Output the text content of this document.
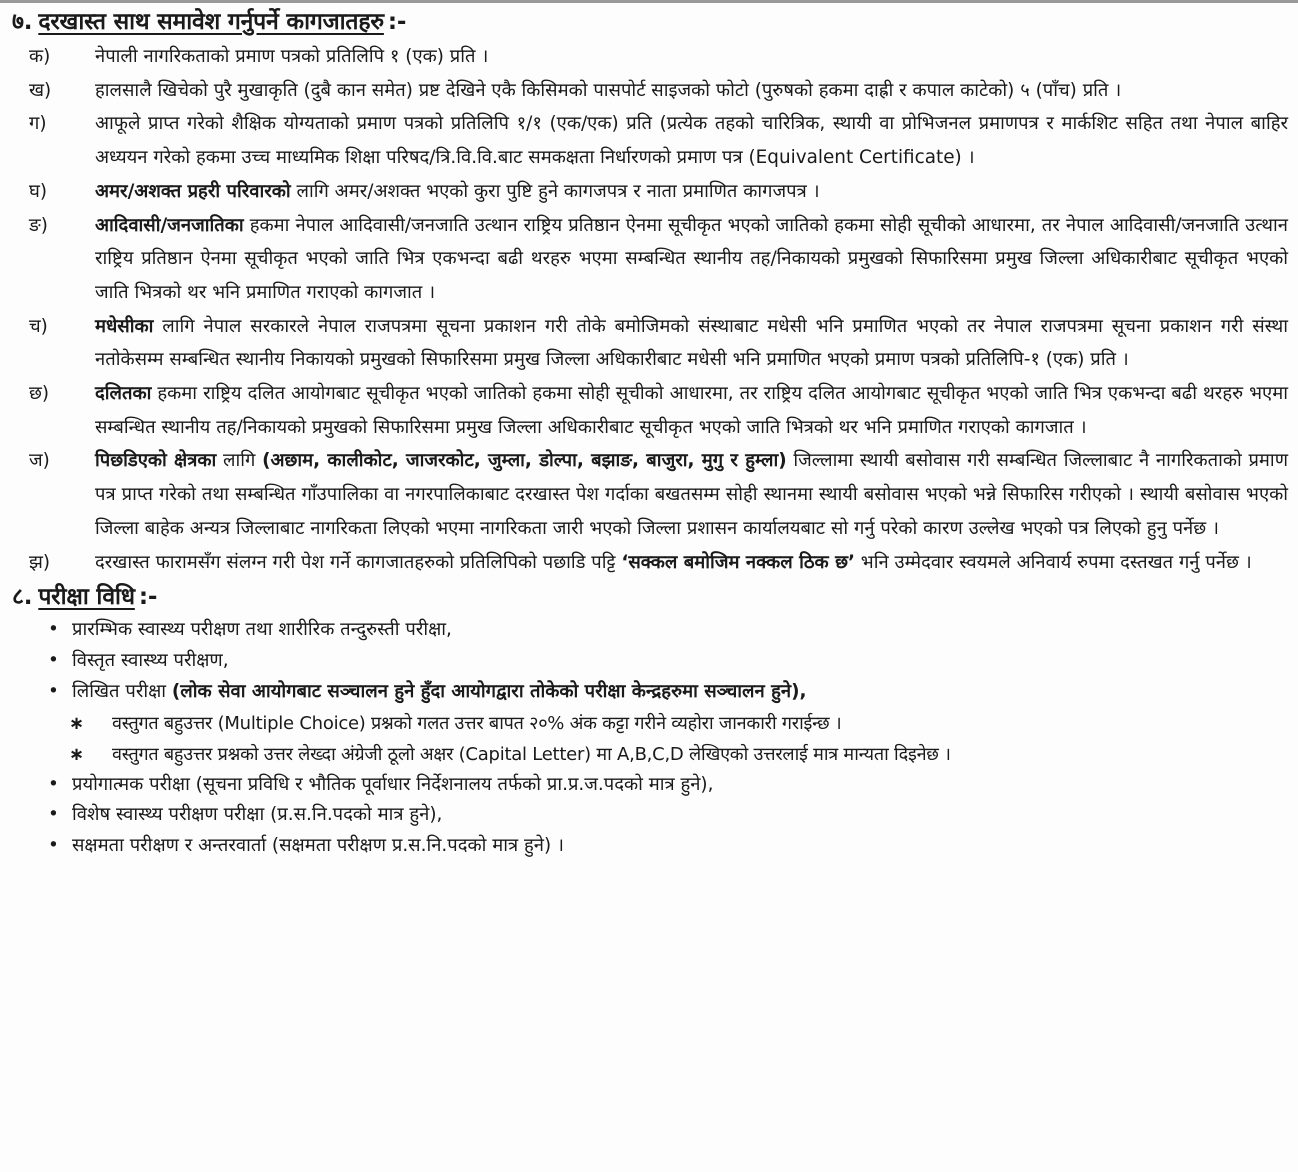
७. दरखास्त साथ समावेश गर्नुपर्ने कागजातहरु :-
क)	नेपाली नागरिकताको प्रमाण पत्रको प्रतिलिपि १ (एक) प्रति ।
ख)	हालसालै खिचेको पुरै मुखाकृति (दुबै कान समेत) प्रष्ट देखिने एकै किसिमको पासपोर्ट साइजको फोटो (पुरुषको हकमा दाह्री र कपाल काटेको) ५ (पाँच) प्रति ।
ग)	आफूले प्राप्त गरेको शैक्षिक योग्यताको प्रमाण पत्रको प्रतिलिपि १/१ (एक/एक) प्रति (प्रत्येक तहको चारित्रिक, स्थायी वा प्रोभिजनल प्रमाणपत्र र मार्कशिट सहित तथा नेपाल बाहिर अध्ययन गरेको हकमा उच्च माध्यमिक शिक्षा परिषद/त्रि.वि.वि.बाट समकक्षता निर्धारणको प्रमाण पत्र (Equivalent Certificate) ।
घ)	अमर/अशक्त प्रहरी परिवारको लागि अमर/अशक्त भएको कुरा पुष्टि हुने कागजपत्र र नाता प्रमाणित कागजपत्र ।
ङ)	आदिवासी/जनजातिका हकमा नेपाल आदिवासी/जनजाति उत्थान राष्ट्रिय प्रतिष्ठान ऐनमा सूचीकृत भएको जातिको हकमा सोही सूचीको आधारमा, तर नेपाल आदिवासी/जनजाति उत्थान राष्ट्रिय प्रतिष्ठान ऐनमा सूचीकृत भएको जाति भित्र एकभन्दा बढी थरहरु भएमा सम्बन्धित स्थानीय तह/निकायको प्रमुखको सिफारिसमा प्रमुख जिल्ला अधिकारीबाट सूचीकृत भएको जाति भित्रको थर भनि प्रमाणित गराएको कागजात ।
च)	मधेसीका लागि नेपाल सरकारले नेपाल राजपत्रमा सूचना प्रकाशन गरी तोके बमोजिमको संस्थाबाट मधेसी भनि प्रमाणित भएको तर नेपाल राजपत्रमा सूचना प्रकाशन गरी संस्था नतोकेसम्म सम्बन्धित स्थानीय निकायको प्रमुखको सिफारिसमा प्रमुख जिल्ला अधिकारीबाट मधेसी भनि प्रमाणित भएको प्रमाण पत्रको प्रतिलिपि-१ (एक) प्रति ।
छ)	दलितका हकमा राष्ट्रिय दलित आयोगबाट सूचीकृत भएको जातिको हकमा सोही सूचीको आधारमा, तर राष्ट्रिय दलित आयोगबाट सूचीकृत भएको जाति भित्र एकभन्दा बढी थरहरु भएमा सम्बन्धित स्थानीय तह/निकायको प्रमुखको सिफारिसमा प्रमुख जिल्ला अधिकारीबाट सूचीकृत भएको जाति भित्रको थर भनि प्रमाणित गराएको कागजात ।
ज)	पिछडिएको क्षेत्रका लागि (अछाम, कालीकोट, जाजरकोट, जुम्ला, डोल्पा, बझाङ, बाजुरा, मुगु र हुम्ला) जिल्लामा स्थायी बसोवास गरी सम्बन्धित जिल्लाबाट नै नागरिकताको प्रमाण पत्र प्राप्त गरेको तथा सम्बन्धित गाँउपालिका वा नगरपालिकाबाट दरखास्त पेश गर्दाका बखतसम्म सोही स्थानमा स्थायी बसोवास भएको भन्ने सिफारिस गरीएको । स्थायी बसोवास भएको जिल्ला बाहेक अन्यत्र जिल्लाबाट नागरिकता लिएको भएमा नागरिकता जारी भएको जिल्ला प्रशासन कार्यालयबाट सो गर्नु परेको कारण उल्लेख भएको पत्र लिएको हुनु पर्नेछ ।
झ)	दरखास्त फारामसँग संलग्न गरी पेश गर्ने कागजातहरुको प्रतिलिपिको पछाडि पट्टि ‘सक्कल बमोजिम नक्कल ठिक छ’ भनि उम्मेदवार स्वयमले अनिवार्य रुपमा दस्तखत गर्नु पर्नेछ ।
८. परीक्षा विधि :-
• प्रारम्भिक स्वास्थ्य परीक्षण तथा शारीरिक तन्दुरुस्ती परीक्षा,
• विस्तृत स्वास्थ्य परीक्षण,
• लिखित परीक्षा (लोक सेवा आयोगबाट सञ्चालन हुने हुँदा आयोगद्वारा तोकेको परीक्षा केन्द्रहरुमा सञ्चालन हुने),
∗	वस्तुगत बहुउत्तर (Multiple Choice) प्रश्नको गलत उत्तर बापत २०% अंक कट्टा गरीने व्यहोरा जानकारी गराईन्छ ।
∗	वस्तुगत बहुउत्तर प्रश्नको उत्तर लेख्दा अंग्रेजी ठूलो अक्षर (Capital Letter) मा A,B,C,D लेखिएको उत्तरलाई मात्र मान्यता दिइनेछ ।
• प्रयोगात्मक परीक्षा (सूचना प्रविधि र भौतिक पूर्वाधार निर्देशनालय तर्फको प्रा.प्र.ज.पदको मात्र हुने),
• विशेष स्वास्थ्य परीक्षण परीक्षा (प्र.स.नि.पदको मात्र हुने),
• सक्षमता परीक्षण र अन्तरवार्ता (सक्षमता परीक्षण प्र.स.नि.पदको मात्र हुने) ।
